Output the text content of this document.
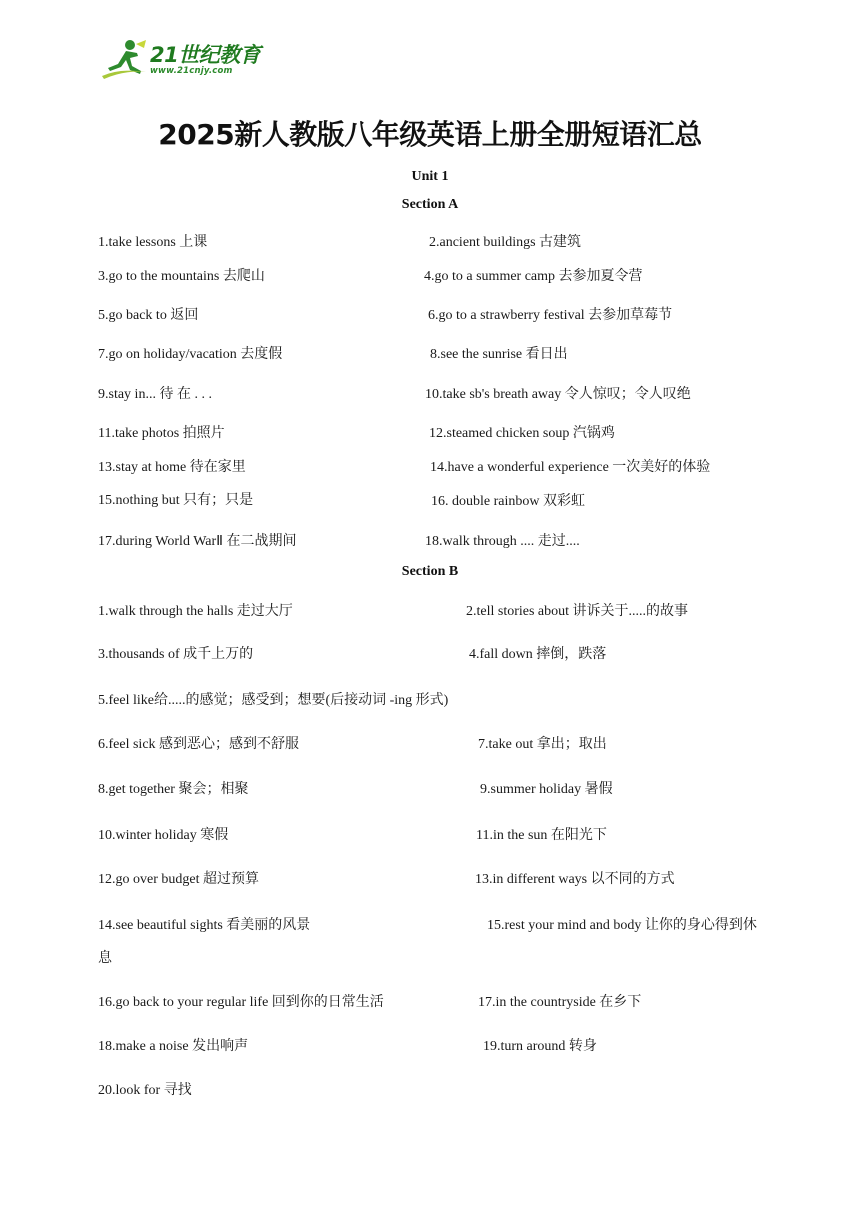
21世纪教育
www.21cnjy.com
2025新人教版八年级英语上册全册短语汇总
Unit 1
Section A
1.take lessons 上课	2.ancient buildings 古建筑
3.go to the mountains 去爬山	4.go to a summer camp 去参加夏令营
5.go back to 返回	6.go to a strawberry festival 去参加草莓节
7.go on holiday/vacation 去度假	8.see the sunrise 看日出
9.stay in... 待 在 . . .	10.take sb's breath away 令人惊叹；令人叹绝
11.take photos 拍照片	12.steamed chicken soup 汽锅鸡
13.stay at home 待在家里	14.have a wonderful experience 一次美好的体验
15.nothing but 只有；只是	16. double rainbow 双彩虹
17.during World WarⅡ 在二战期间	18.walk through .... 走过....
Section B
1.walk through the halls 走过大厅	2.tell stories about 讲诉关于.....的故事
3.thousands of 成千上万的	4.fall down 摔倒，跌落
5.feel like给.....的感觉；感受到；想要(后接动词 -ing 形式)
6.feel sick 感到恶心；感到不舒服	7.take out 拿出；取出
8.get together 聚会；相聚	9.summer holiday 暑假
10.winter holiday 寒假	11.in the sun 在阳光下
12.go over budget 超过预算	13.in different ways 以不同的方式
14.see beautiful sights 看美丽的风景	15.rest your mind and body 让你的身心得到休
息
16.go back to your regular life 回到你的日常生活	17.in the countryside 在乡下
18.make a noise 发出响声	19.turn around 转身
20.look for 寻找
